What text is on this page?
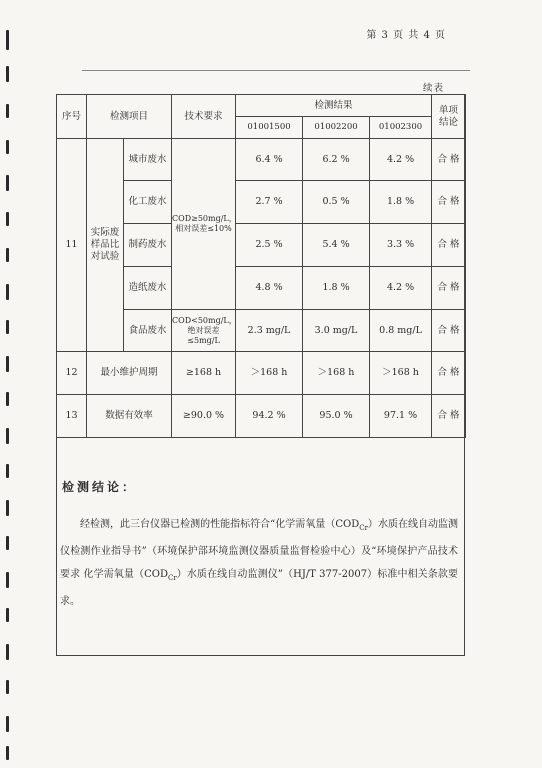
第 3 页 共 4 页
续表
序号	检测项目		技术要求	检测结果			单项
结论
				01001500	01002200	01002300	
11	实际废
样品比
对试验	城市废水	COD≥50mg/L，
相对误差≤10%	6.4 %	6.2 %	4.2 %	合 格
		化工废水		2.7 %	0.5 %	1.8 %	合 格
		制药废水		2.5 %	5.4 %	3.3 %	合 格
		造纸废水		4.8 %	1.8 %	4.2 %	合 格
		食品废水	COD<50mg/L，
绝对误差≤5mg/L	2.3 mg/L	3.0 mg/L	0.8 mg/L	合 格
12	最小维护周期		≥168 h	＞168 h	＞168 h	＞168 h	合 格
13	数据有效率		≥90.0 %	94.2 %	95.0 %	97.1 %	合 格
检测结论：
经检测，此三台仪器已检测的性能指标符合“化学需氧量$(COD_{Cr})$水质在线自动监测仪检测作业指导书”（环境保护部环境监测仪器质量监督检验中心）及“环境保护产品技术要求 化学需氧量$(COD_{Cr})$水质在线自动监测仪”（HJ/T 377-2007）标准中相关条款要求。
